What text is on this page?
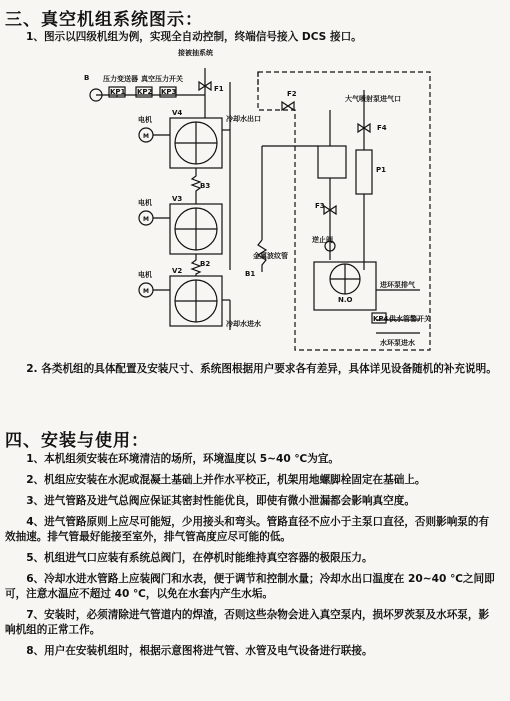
三、真空机组系统图示：
1、图示以四级机组为例，实现全自动控制，终端信号接入 DCS 接口。
接被抽系统
B 压力变送器 真空压力开关
KP1 KP2 KP3	F1
F2
F4
F3
V4
V3
V2
B3
B2
B1
P1
N.O
KP4
电机
电机
电机
冷却水出口
冷却水进水
大气喷射泵进气口
金属波纹管
逆止阀
进环泵排气
水环泵进水
供水管警开关
M
M
M
2. 各类机组的具体配置及安装尺寸、系统图根据用户要求各有差异，具体详见设备随机的补充说明。
四、安装与使用：
1、本机组须安装在环境清洁的场所，环境温度以 5~40 ℃为宜。
2、机组应安装在水泥或混凝土基础上并作水平校正，机架用地螺脚栓固定在基础上。
3、进气管路及进气总阀应保证其密封性能优良，即使有微小泄漏都会影响真空度。
4、进气管路原则上应尽可能短，少用接头和弯头。管路直径不应小于主泵口直径，否则影响泵的有效抽速。排气管最好能接至室外，排气管高度应尽可能的低。
5、机组进气口应装有系统总阀门，在停机时能维持真空容器的极限压力。
6、冷却水进水管路上应装阀门和水表，便于调节和控制水量；冷却水出口温度在 20~40 ℃之间即可，注意水温应不超过 40 ℃，以免在水套内产生水垢。
7、安装时，必须清除进气管道内的焊渣，否则这些杂物会进入真空泵内，损坏罗茨泵及水环泵，影响机组的正常工作。
8、用户在安装机组时，根据示意图将进气管、水管及电气设备进行联接。
